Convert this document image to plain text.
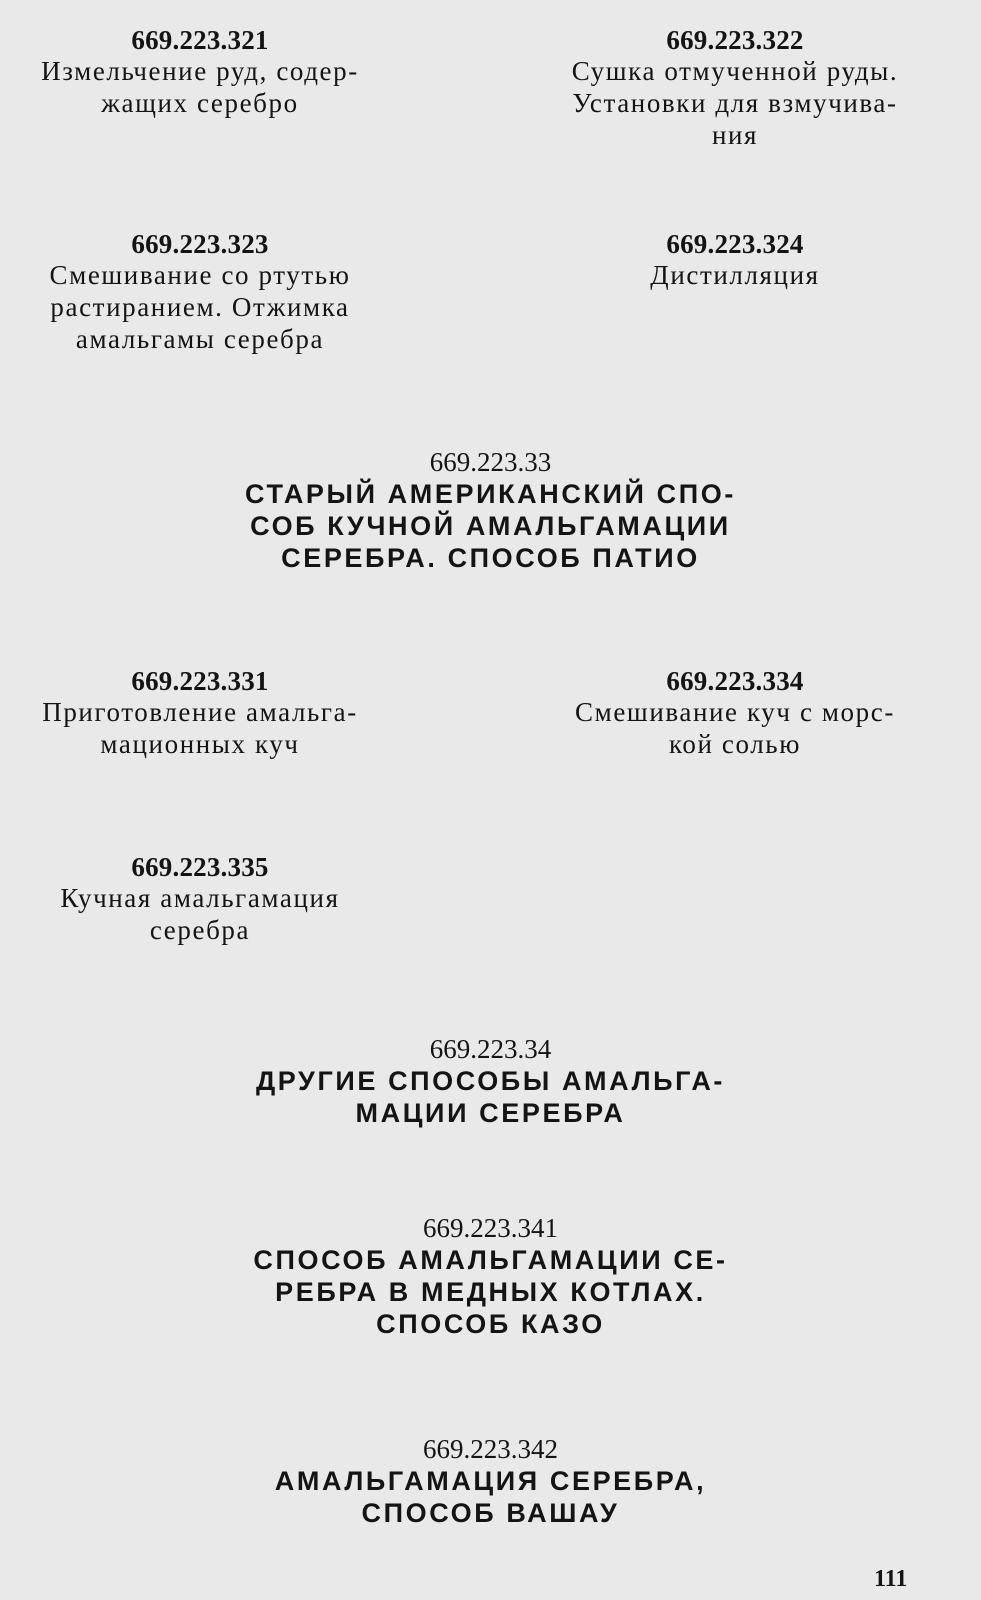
669.223.321
Измельчение руд, содер-
жащих серебро
669.223.322
Сушка отмученной руды.
Установки для взмучива-
ния
669.223.323
Смешивание со ртутью
растиранием. Отжимка
амальгамы серебра
669.223.324
Дистилляция
669.223.33
СТАРЫЙ АМЕРИКАНСКИЙ СПО-
СОБ КУЧНОЙ АМАЛЬГАМАЦИИ
СЕРЕБРА. СПОСОБ ПАТИО
669.223.331
Приготовление амальга-
мационных куч
669.223.334
Смешивание куч с морс-
кой солью
669.223.335
Кучная амальгамация
серебра
669.223.34
ДРУГИЕ СПОСОБЫ АМАЛЬГА-
МАЦИИ СЕРЕБРА
669.223.341
СПОСОБ АМАЛЬГАМАЦИИ СЕ-
РЕБРА В МЕДНЫХ КОТЛАХ.
СПОСОБ КАЗО
669.223.342
АМАЛЬГАМАЦИЯ СЕРЕБРА,
СПОСОБ ВАШАУ
111
